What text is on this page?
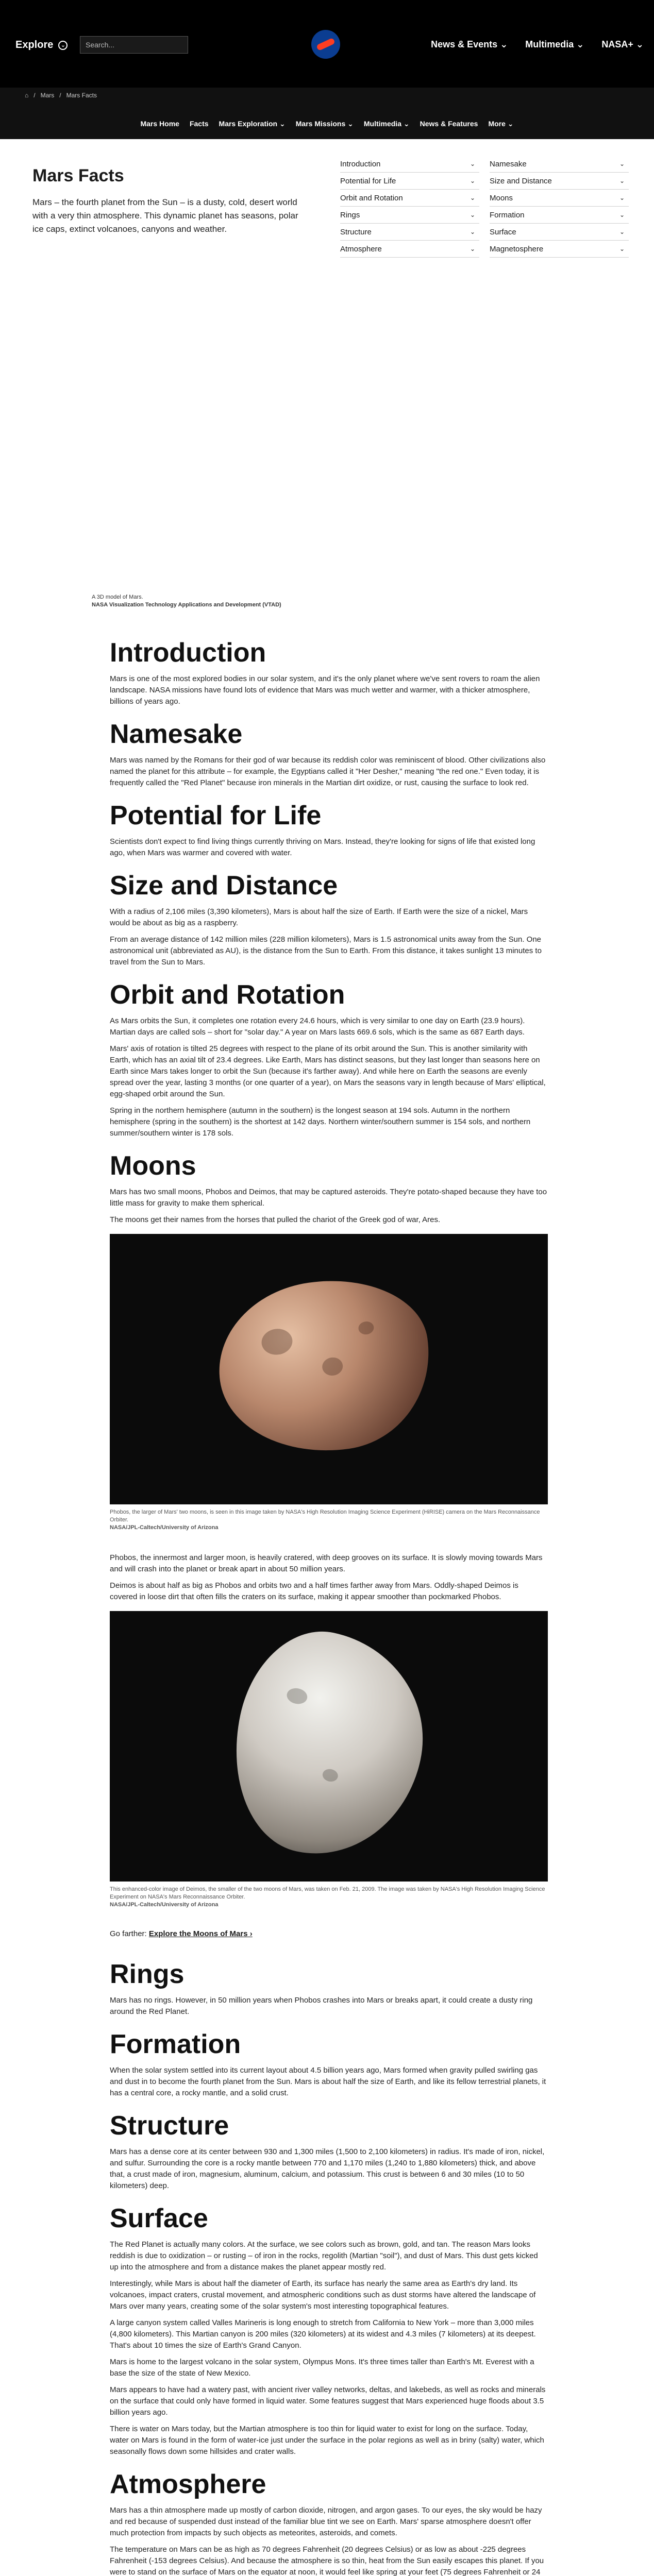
Explore	⌄	Search...	News & Events ⌄ Multimedia ⌄ NASA+ ⌄
⌂ / Mars / Mars Facts
Mars Home Facts Mars Exploration ⌄ Mars Missions ⌄ Multimedia ⌄ News & Features More ⌄
Mars Facts

Mars – the fourth planet from the Sun – is a dusty, cold, desert world with a very thin atmosphere. This dynamic planet has seasons, polar ice caps, extinct volcanoes, canyons and weather.

Introduction	⌄ Namesake	⌄
Potential for Life	⌄ Size and Distance	⌄
Orbit and Rotation	⌄ Moons	⌄
Rings	⌄ Formation	⌄
Structure	⌄ Surface	⌄
Atmosphere	⌄ Magnetosphere	⌄
A 3D model of Mars.
NASA Visualization Technology Applications and Development (VTAD)
Introduction

Mars is one of the most explored bodies in our solar system, and it's the only planet where we've sent rovers to roam the alien landscape. NASA missions have found lots of evidence that Mars was much wetter and warmer, with a thicker atmosphere, billions of years ago.

Namesake

Mars was named by the Romans for their god of war because its reddish color was reminiscent of blood. Other civilizations also named the planet for this attribute – for example, the Egyptians called it "Her Desher," meaning "the red one." Even today, it is frequently called the "Red Planet" because iron minerals in the Martian dirt oxidize, or rust, causing the surface to look red.

Potential for Life

Scientists don't expect to find living things currently thriving on Mars. Instead, they're looking for signs of life that existed long ago, when Mars was warmer and covered with water.

Size and Distance

With a radius of 2,106 miles (3,390 kilometers), Mars is about half the size of Earth. If Earth were the size of a nickel, Mars would be about as big as a raspberry.

From an average distance of 142 million miles (228 million kilometers), Mars is 1.5 astronomical units away from the Sun. One astronomical unit (abbreviated as AU), is the distance from the Sun to Earth. From this distance, it takes sunlight 13 minutes to travel from the Sun to Mars.

Orbit and Rotation

As Mars orbits the Sun, it completes one rotation every 24.6 hours, which is very similar to one day on Earth (23.9 hours). Martian days are called sols – short for "solar day." A year on Mars lasts 669.6 sols, which is the same as 687 Earth days.

Mars' axis of rotation is tilted 25 degrees with respect to the plane of its orbit around the Sun. This is another similarity with Earth, which has an axial tilt of 23.4 degrees. Like Earth, Mars has distinct seasons, but they last longer than seasons here on Earth since Mars takes longer to orbit the Sun (because it's farther away). And while here on Earth the seasons are evenly spread over the year, lasting 3 months (or one quarter of a year), on Mars the seasons vary in length because of Mars' elliptical, egg-shaped orbit around the Sun.

Spring in the northern hemisphere (autumn in the southern) is the longest season at 194 sols. Autumn in the northern hemisphere (spring in the southern) is the shortest at 142 days. Northern winter/southern summer is 154 sols, and northern summer/southern winter is 178 sols.

Moons

Mars has two small moons, Phobos and Deimos, that may be captured asteroids. They're potato-shaped because they have too little mass for gravity to make them spherical.

The moons get their names from the horses that pulled the chariot of the Greek god of war, Ares.

Phobos, the larger of Mars' two moons, is seen in this image taken by NASA's High Resolution Imaging Science Experiment (HiRISE) camera on the Mars Reconnaissance Orbiter.
NASA/JPL-Caltech/University of Arizona

Phobos, the innermost and larger moon, is heavily cratered, with deep grooves on its surface. It is slowly moving towards Mars and will crash into the planet or break apart in about 50 million years.

Deimos is about half as big as Phobos and orbits two and a half times farther away from Mars. Oddly-shaped Deimos is covered in loose dirt that often fills the craters on its surface, making it appear smoother than pockmarked Phobos.

This enhanced-color image of Deimos, the smaller of the two moons of Mars, was taken on Feb. 21, 2009. The image was taken by NASA's High Resolution Imaging Science Experiment on NASA's Mars Reconnaissance Orbiter.
NASA/JPL-Caltech/University of Arizona
Go farther: Explore the Moons of Mars ›
Rings

Mars has no rings. However, in 50 million years when Phobos crashes into Mars or breaks apart, it could create a dusty ring around the Red Planet.

Formation

When the solar system settled into its current layout about 4.5 billion years ago, Mars formed when gravity pulled swirling gas and dust in to become the fourth planet from the Sun. Mars is about half the size of Earth, and like its fellow terrestrial planets, it has a central core, a rocky mantle, and a solid crust.

Structure

Mars has a dense core at its center between 930 and 1,300 miles (1,500 to 2,100 kilometers) in radius. It's made of iron, nickel, and sulfur. Surrounding the core is a rocky mantle between 770 and 1,170 miles (1,240 to 1,880 kilometers) thick, and above that, a crust made of iron, magnesium, aluminum, calcium, and potassium. This crust is between 6 and 30 miles (10 to 50 kilometers) deep.

Surface

The Red Planet is actually many colors. At the surface, we see colors such as brown, gold, and tan. The reason Mars looks reddish is due to oxidization – or rusting – of iron in the rocks, regolith (Martian "soil"), and dust of Mars. This dust gets kicked up into the atmosphere and from a distance makes the planet appear mostly red.

Interestingly, while Mars is about half the diameter of Earth, its surface has nearly the same area as Earth's dry land. Its volcanoes, impact craters, crustal movement, and atmospheric conditions such as dust storms have altered the landscape of Mars over many years, creating some of the solar system's most interesting topographical features.

A large canyon system called Valles Marineris is long enough to stretch from California to New York – more than 3,000 miles (4,800 kilometers). This Martian canyon is 200 miles (320 kilometers) at its widest and 4.3 miles (7 kilometers) at its deepest. That's about 10 times the size of Earth's Grand Canyon.

Mars is home to the largest volcano in the solar system, Olympus Mons. It's three times taller than Earth's Mt. Everest with a base the size of the state of New Mexico.

Mars appears to have had a watery past, with ancient river valley networks, deltas, and lakebeds, as well as rocks and minerals on the surface that could only have formed in liquid water. Some features suggest that Mars experienced huge floods about 3.5 billion years ago.

There is water on Mars today, but the Martian atmosphere is too thin for liquid water to exist for long on the surface. Today, water on Mars is found in the form of water-ice just under the surface in the polar regions as well as in briny (salty) water, which seasonally flows down some hillsides and crater walls.

Atmosphere

Mars has a thin atmosphere made up mostly of carbon dioxide, nitrogen, and argon gases. To our eyes, the sky would be hazy and red because of suspended dust instead of the familiar blue tint we see on Earth. Mars' sparse atmosphere doesn't offer much protection from impacts by such objects as meteorites, asteroids, and comets.

The temperature on Mars can be as high as 70 degrees Fahrenheit (20 degrees Celsius) or as low as about -225 degrees Fahrenheit (-153 degrees Celsius). And because the atmosphere is so thin, heat from the Sun easily escapes this planet. If you were to stand on the surface of Mars on the equator at noon, it would feel like spring at your feet (75 degrees Fahrenheit or 24
